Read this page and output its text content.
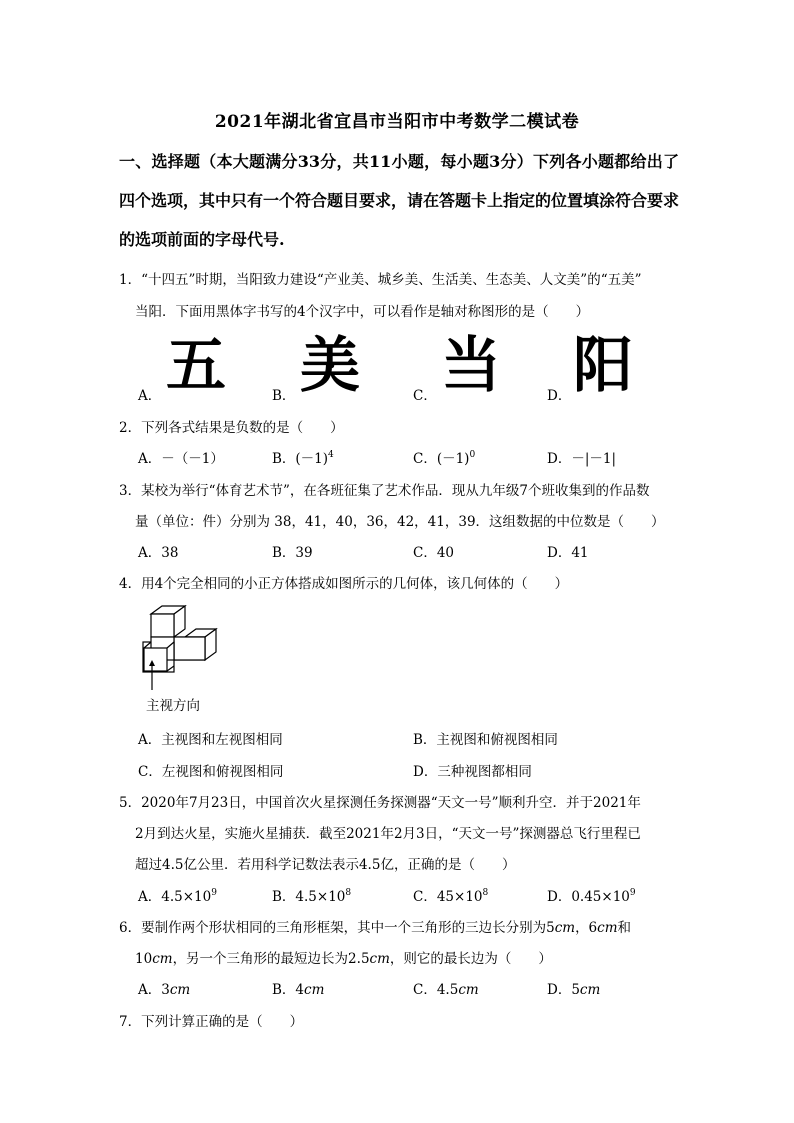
2021年湖北省宜昌市当阳市中考数学二模试卷
一、选择题（本大题满分33分，共11小题，每小题3分）下列各小题都给出了四个选项，其中只有一个符合题目要求，请在答题卡上指定的位置填涂符合要求的选项前面的字母代号.
1．“十四五”时期，当阳致力建设“产业美、城乡美、生活美、生态美、人文美”的“五美”
当阳．下面用黑体字书写的4个汉字中，可以看作是轴对称图形的是（　　）
A． 五	B． 美	C． 当	D． 阳
2．下列各式结果是负数的是（　　）
A．－（－1）	B．$(-1)^4$	C．$(-1)^0$	D．－|－1|
3．某校为举行“体育艺术节”，在各班征集了艺术作品．现从九年级7个班收集到的作品数
量（单位：件）分别为 38，41，40，36，42，41，39．这组数据的中位数是（　　）
A．38	B．39	C．40	D．41
4．用4个完全相同的小正方体搭成如图所示的几何体，该几何体的（　　）
主视方向
A．主视图和左视图相同	B．主视图和俯视图相同
C．左视图和俯视图相同	D．三种视图都相同
5．2020年7月23日，中国首次火星探测任务探测器“天文一号”顺利升空．并于2021年
2月到达火星，实施火星捕获．截至2021年2月3日，“天文一号”探测器总飞行里程已
超过4.5亿公里．若用科学记数法表示4.5亿，正确的是（　　）
A．$4.5\times 10^9$	B．$4.5\times 10^8$	C．$45\times 10^8$	D．$0.45\times 10^9$
6．要制作两个形状相同的三角形框架，其中一个三角形的三边长分别为5cm，6cm和
10cm，另一个三角形的最短边长为2.5cm，则它的最长边为（　　）
A．3cm	B．4cm	C．4.5cm	D．5cm
7．下列计算正确的是（　　）
